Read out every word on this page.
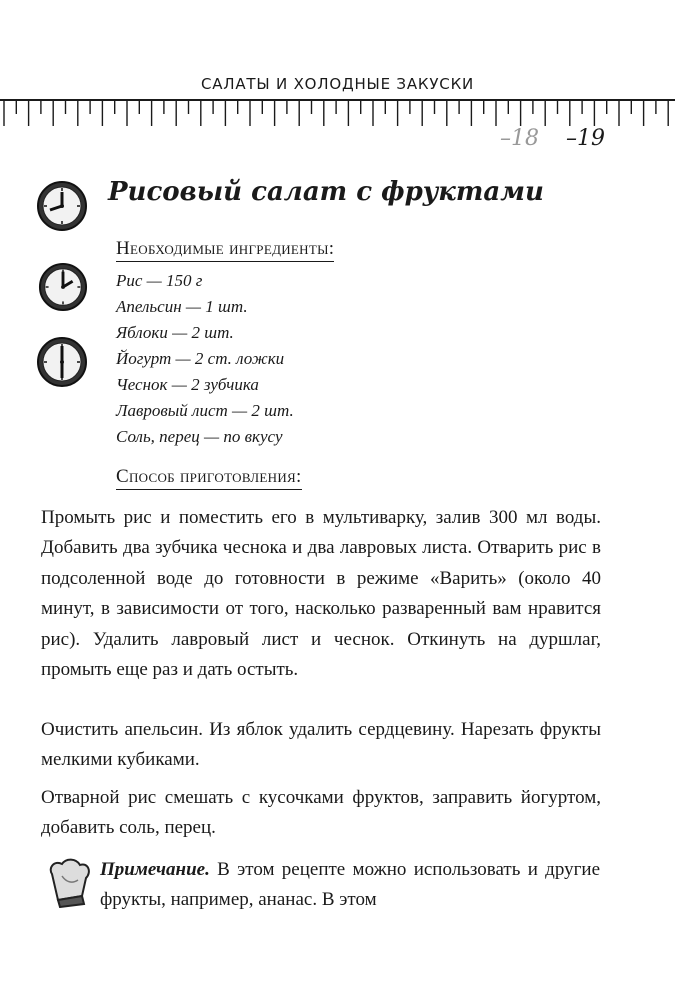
САЛАТЫ И ХОЛОДНЫЕ ЗАКУСКИ
–18 –19
Рисовый салат с фруктами
Необходимые ингредиенты:
Рис — 150 г
Апельсин — 1 шт.
Яблоки — 2 шт.
Йогурт — 2 ст. ложки
Чеснок — 2 зубчика
Лавровый лист — 2 шт.
Соль, перец — по вкусу
Способ приготовления:

Промыть рис и поместить его в мультиварку, залив 300 мл воды. Добавить два зубчика чеснока и два лавровых листа. Отварить рис в подсоленной воде до готовности в режиме «Варить» (около 40 минут, в зависимости от того, насколько разваренный вам нравится рис). Удалить лавровый лист и чеснок. Откинуть на дуршлаг, промыть еще раз и дать остыть.

Очистить апельсин. Из яблок удалить сердцевину. Нарезать фрукты мелкими кубиками.

Отварной рис смешать с кусочками фруктов, заправить йогуртом, добавить соль, перец.

Примечание. В этом рецепте можно использовать и другие фрукты, например, ананас. В этом
